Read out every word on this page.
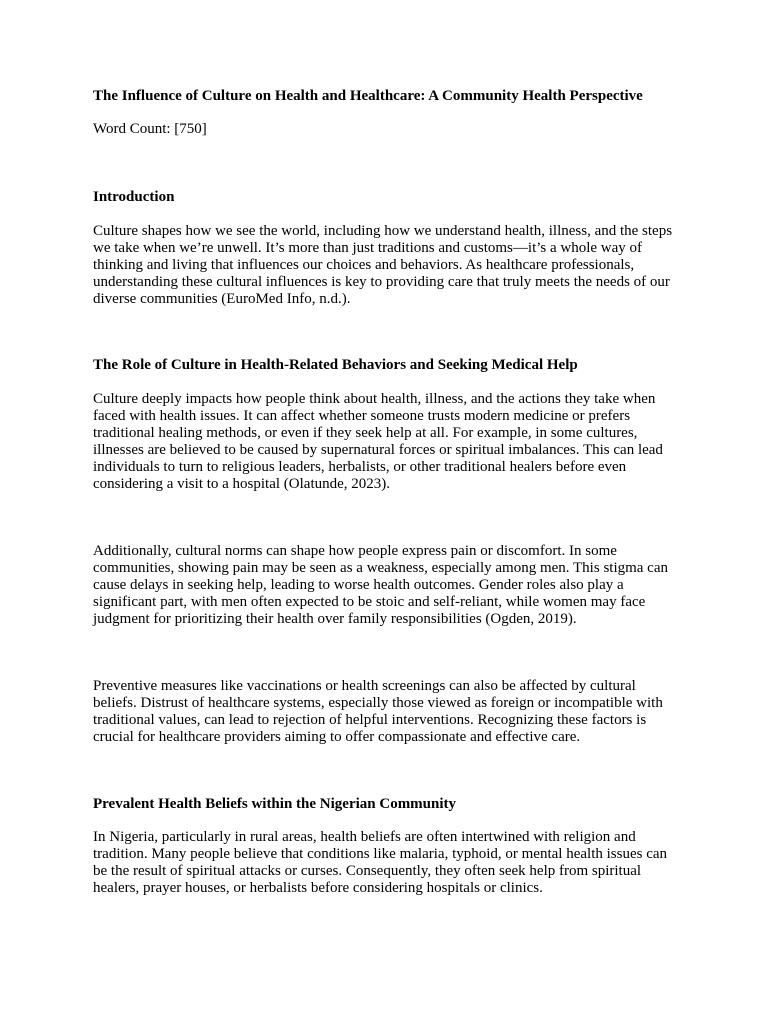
The Influence of Culture on Health and Healthcare: A Community Health Perspective

Word Count: [750]

Introduction

Culture shapes how we see the world, including how we understand health, illness, and the steps we take when we’re unwell. It’s more than just traditions and customs—it’s a whole way of thinking and living that influences our choices and behaviors. As healthcare professionals, understanding these cultural influences is key to providing care that truly meets the needs of our diverse communities (EuroMed Info, n.d.).

The Role of Culture in Health-Related Behaviors and Seeking Medical Help

Culture deeply impacts how people think about health, illness, and the actions they take when faced with health issues. It can affect whether someone trusts modern medicine or prefers traditional healing methods, or even if they seek help at all. For example, in some cultures, illnesses are believed to be caused by supernatural forces or spiritual imbalances. This can lead individuals to turn to religious leaders, herbalists, or other traditional healers before even considering a visit to a hospital (Olatunde, 2023).

Additionally, cultural norms can shape how people express pain or discomfort. In some communities, showing pain may be seen as a weakness, especially among men. This stigma can cause delays in seeking help, leading to worse health outcomes. Gender roles also play a significant part, with men often expected to be stoic and self-reliant, while women may face judgment for prioritizing their health over family responsibilities (Ogden, 2019).

Preventive measures like vaccinations or health screenings can also be affected by cultural beliefs. Distrust of healthcare systems, especially those viewed as foreign or incompatible with traditional values, can lead to rejection of helpful interventions. Recognizing these factors is crucial for healthcare providers aiming to offer compassionate and effective care.

Prevalent Health Beliefs within the Nigerian Community

In Nigeria, particularly in rural areas, health beliefs are often intertwined with religion and tradition. Many people believe that conditions like malaria, typhoid, or mental health issues can be the result of spiritual attacks or curses. Consequently, they often seek help from spiritual healers, prayer houses, or herbalists before considering hospitals or clinics.
